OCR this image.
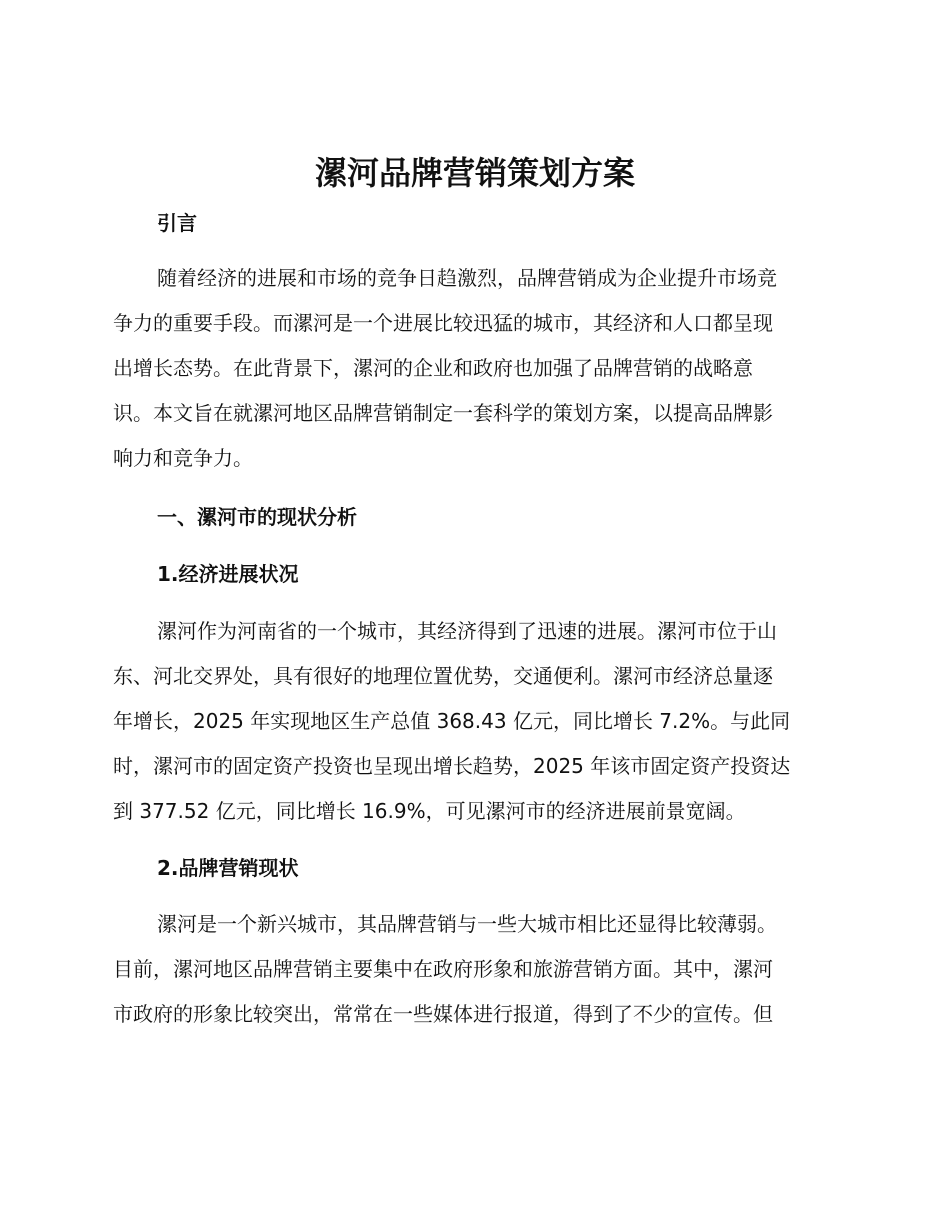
漯河品牌营销策划方案
引言
随着经济的进展和市场的竞争日趋激烈，品牌营销成为企业提升市场竞
争力的重要手段。而漯河是一个进展比较迅猛的城市，其经济和人口都呈现
出增长态势。在此背景下，漯河的企业和政府也加强了品牌营销的战略意
识。本文旨在就漯河地区品牌营销制定一套科学的策划方案，以提高品牌影
响力和竞争力。
一、漯河市的现状分析
1.经济进展状况
漯河作为河南省的一个城市，其经济得到了迅速的进展。漯河市位于山
东、河北交界处，具有很好的地理位置优势，交通便利。漯河市经济总量逐
年增长，2025 年实现地区生产总值 368.43 亿元，同比增长 7.2%。与此同
时，漯河市的固定资产投资也呈现出增长趋势，2025 年该市固定资产投资达
到 377.52 亿元，同比增长 16.9%，可见漯河市的经济进展前景宽阔。
2.品牌营销现状
漯河是一个新兴城市，其品牌营销与一些大城市相比还显得比较薄弱。
目前，漯河地区品牌营销主要集中在政府形象和旅游营销方面。其中，漯河
市政府的形象比较突出，常常在一些媒体进行报道，得到了不少的宣传。但
